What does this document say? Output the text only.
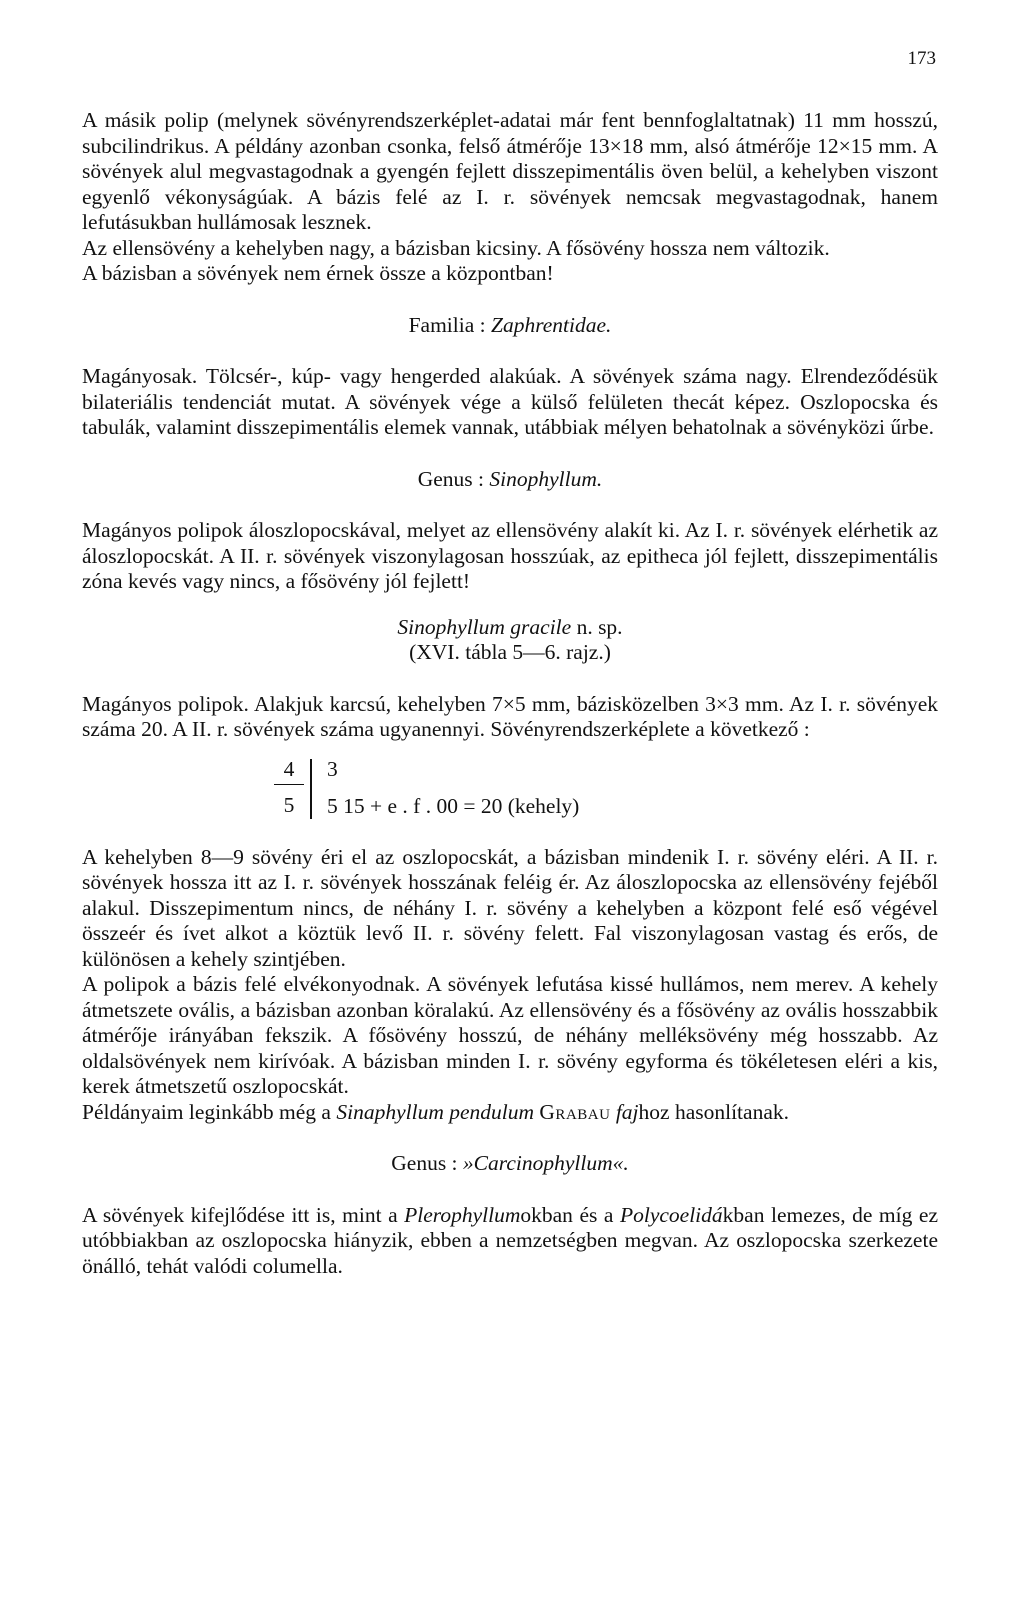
173

A másik polip (melynek sövényrendszerképlet-adatai már fent bennfoglaltatnak) 11 mm hosszú, subcilindrikus. A példány azonban csonka, felső átmérője 13×18 mm, alsó átmérője 12×15 mm. A sövények alul megvastagodnak a gyengén fejlett disszepimentális öven belül, a kehelyben viszont egyenlő vékonyságúak. A bázis felé az I. r. sövények nemcsak megvastagodnak, hanem lefutásukban hullámosak lesznek.

Az ellensövény a kehelyben nagy, a bázisban kicsiny. A fősövény hossza nem változik.

A bázisban a sövények nem érnek össze a központban!

Familia : Zaphrentidae.

Magányosak. Tölcsér-, kúp- vagy hengerded alakúak. A sövények száma nagy. Elrendeződésük bilateriális tendenciát mutat. A sövények vége a külső felületen thecát képez. Oszlopocska és tabulák, valamint disszepimentális elemek vannak, utábbiak mélyen behatolnak a sövényközi űrbe.

Genus : Sinophyllum.

Magányos polipok áloszlopocskával, melyet az ellensövény alakít ki. Az I. r. sövények elérhetik az áloszlopocskát. A II. r. sövények viszonylagosan hosszúak, az epitheca jól fejlett, disszepimentális zóna kevés vagy nincs, a fősövény jól fejlett!

Sinophyllum gracile n. sp.

(XVI. tábla 5—6. rajz.)

Magányos polipok. Alakjuk karcsú, kehelyben 7×5 mm, bázisközelben 3×3 mm. Az I. r. sövények száma 20. A II. r. sövények száma ugyanennyi. Sövényrendszerképlete a következő :

$\frac{4}{5} 3$
5 15 + e . f . 00 = 20 (kehely)

A kehelyben 8—9 sövény éri el az oszlopocskát, a bázisban mindenik I. r. sövény eléri. A II. r. sövények hossza itt az I. r. sövények hosszának feléig ér. Az áloszlopocska az ellensövény fejéből alakul. Disszepimentum nincs, de néhány I. r. sövény a kehelyben a központ felé eső végével összeér és ívet alkot a köztük levő II. r. sövény felett. Fal viszonylagosan vastag és erős, de különösen a kehely szintjében.

A polipok a bázis felé elvékonyodnak. A sövények lefutása kissé hullámos, nem merev. A kehely átmetszete ovális, a bázisban azonban köralakú. Az ellensövény és a fősövény az ovális hosszabbik átmérője irányában fekszik. A fősövény hosszú, de néhány melléksövény még hosszabb. Az oldalsövények nem kirívóak. A bázisban minden I. r. sövény egyforma és tökéletesen eléri a kis, kerek átmetszetű oszlopocskát.

Példányaim leginkább még a Sinaphyllum pendulum Grabau fajhoz hasonlítanak.

Genus : »Carcinophyllum«.

A sövények kifejlődése itt is, mint a Plerophyllumokban és a Polycoelidákban lemezes, de míg ez utóbbiakban az oszlopocska hiányzik, ebben a nemzetségben megvan. Az oszlopocska szerkezete önálló, tehát valódi columella.
